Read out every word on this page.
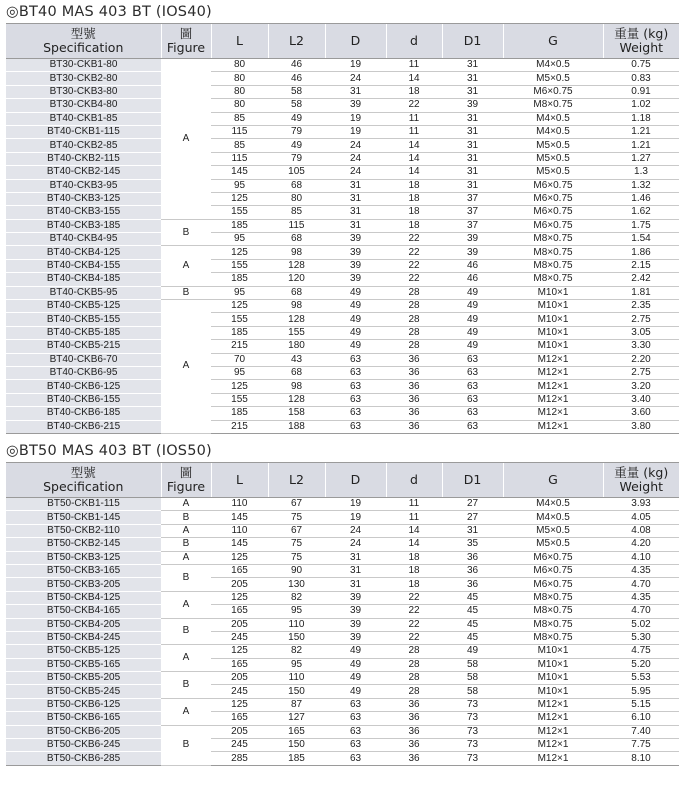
◎BT40 MAS 403 BT (IOS40)
型號
Specification	圖
Figure	L	L2	D	d	D1	G	重量 (kg)
Weight
BT30-CKB1-80	A	80	46	19	11	31	M4×0.5	0.75
BT30-CKB2-80		80	46	24	14	31	M5×0.5	0.83
BT30-CKB3-80		80	58	31	18	31	M6×0.75	0.91
BT30-CKB4-80		80	58	39	22	39	M8×0.75	1.02
BT40-CKB1-85		85	49	19	11	31	M4×0.5	1.18
BT40-CKB1-115		115	79	19	11	31	M4×0.5	1.21
BT40-CKB2-85		85	49	24	14	31	M5×0.5	1.21
BT40-CKB2-115		115	79	24	14	31	M5×0.5	1.27
BT40-CKB2-145		145	105	24	14	31	M5×0.5	1.3
BT40-CKB3-95		95	68	31	18	31	M6×0.75	1.32
BT40-CKB3-125		125	80	31	18	37	M6×0.75	1.46
BT40-CKB3-155		155	85	31	18	37	M6×0.75	1.62
BT40-CKB3-185	B	185	115	31	18	37	M6×0.75	1.75
BT40-CKB4-95		95	68	39	22	39	M8×0.75	1.54
BT40-CKB4-125	A	125	98	39	22	39	M8×0.75	1.86
BT40-CKB4-155		155	128	39	22	46	M8×0.75	2.15
BT40-CKB4-185		185	120	39	22	46	M8×0.75	2.42
BT40-CKB5-95	B	95	68	49	28	49	M10×1	1.81
BT40-CKB5-125	A	125	98	49	28	49	M10×1	2.35
BT40-CKB5-155		155	128	49	28	49	M10×1	2.75
BT40-CKB5-185		185	155	49	28	49	M10×1	3.05
BT40-CKB5-215		215	180	49	28	49	M10×1	3.30
BT40-CKB6-70		70	43	63	36	63	M12×1	2.20
BT40-CKB6-95		95	68	63	36	63	M12×1	2.75
BT40-CKB6-125		125	98	63	36	63	M12×1	3.20
BT40-CKB6-155		155	128	63	36	63	M12×1	3.40
BT40-CKB6-185		185	158	63	36	63	M12×1	3.60
BT40-CKB6-215		215	188	63	36	63	M12×1	3.80
◎BT50 MAS 403 BT (IOS50)
型號
Specification	圖
Figure	L	L2	D	d	D1	G	重量 (kg)
Weight
BT50-CKB1-115	A	110	67	19	11	27	M4×0.5	3.93
BT50-CKB1-145	B	145	75	19	11	27	M4×0.5	4.05
BT50-CKB2-110	A	110	67	24	14	31	M5×0.5	4.08
BT50-CKB2-145	B	145	75	24	14	35	M5×0.5	4.20
BT50-CKB3-125	A	125	75	31	18	36	M6×0.75	4.10
BT50-CKB3-165	B	165	90	31	18	36	M6×0.75	4.35
BT50-CKB3-205		205	130	31	18	36	M6×0.75	4.70
BT50-CKB4-125	A	125	82	39	22	45	M8×0.75	4.35
BT50-CKB4-165		165	95	39	22	45	M8×0.75	4.70
BT50-CKB4-205	B	205	110	39	22	45	M8×0.75	5.02
BT50-CKB4-245		245	150	39	22	45	M8×0.75	5.30
BT50-CKB5-125	A	125	82	49	28	49	M10×1	4.75
BT50-CKB5-165		165	95	49	28	58	M10×1	5.20
BT50-CKB5-205	B	205	110	49	28	58	M10×1	5.53
BT50-CKB5-245		245	150	49	28	58	M10×1	5.95
BT50-CKB6-125	A	125	87	63	36	73	M12×1	5.15
BT50-CKB6-165		165	127	63	36	73	M12×1	6.10
BT50-CKB6-205	B	205	165	63	36	73	M12×1	7.40
BT50-CKB6-245		245	150	63	36	73	M12×1	7.75
BT50-CKB6-285		285	185	63	36	73	M12×1	8.10
